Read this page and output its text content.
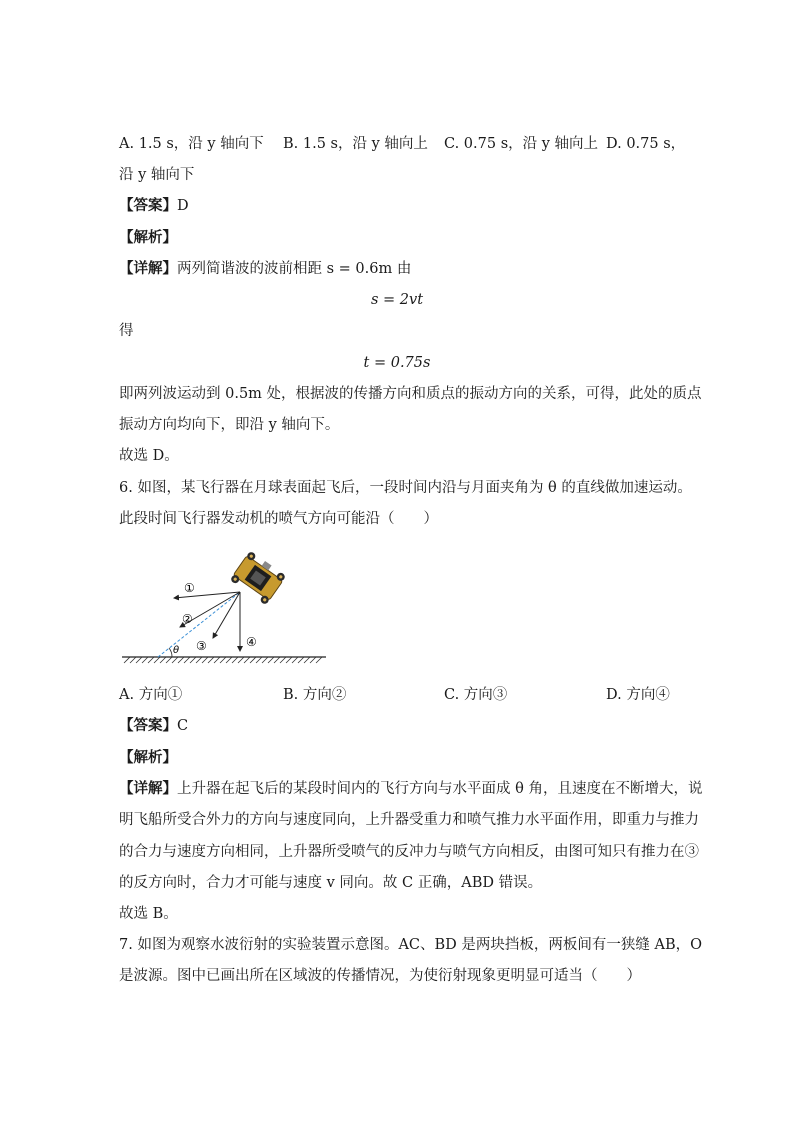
A. 1.5 s，沿 y 轴向下 B. 1.5 s，沿 y 轴向上 C. 0.75 s，沿 y 轴向上 D. 0.75 s，
沿 y 轴向下
【答案】D
【解析】
【详解】两列简谐波的波前相距 s = 0.6m 由
s = 2vt
得
t = 0.75s
即两列波运动到 0.5m 处，根据波的传播方向和质点的振动方向的关系，可得，此处的质点
振动方向均向下，即沿 y 轴向下。
故选 D。
6. 如图，某飞行器在月球表面起飞后，一段时间内沿与月面夹角为 θ 的直线做加速运动。
此段时间飞行器发动机的喷气方向可能沿（　　）
θ
①
②
③	④
A. 方向①	B. 方向②	C. 方向③	D. 方向④
【答案】C
【解析】
【详解】上升器在起飞后的某段时间内的飞行方向与水平面成 θ 角，且速度在不断增大，说
明飞船所受合外力的方向与速度同向，上升器受重力和喷气推力水平面作用，即重力与推力
的合力与速度方向相同，上升器所受喷气的反冲力与喷气方向相反，由图可知只有推力在③
的反方向时，合力才可能与速度 v 同向。故 C 正确，ABD 错误。
故选 B。
7. 如图为观察水波衍射的实验装置示意图。AC、BD 是两块挡板，两板间有一狭缝 AB，O
是波源。图中已画出所在区域波的传播情况，为使衍射现象更明显可适当（　　）
